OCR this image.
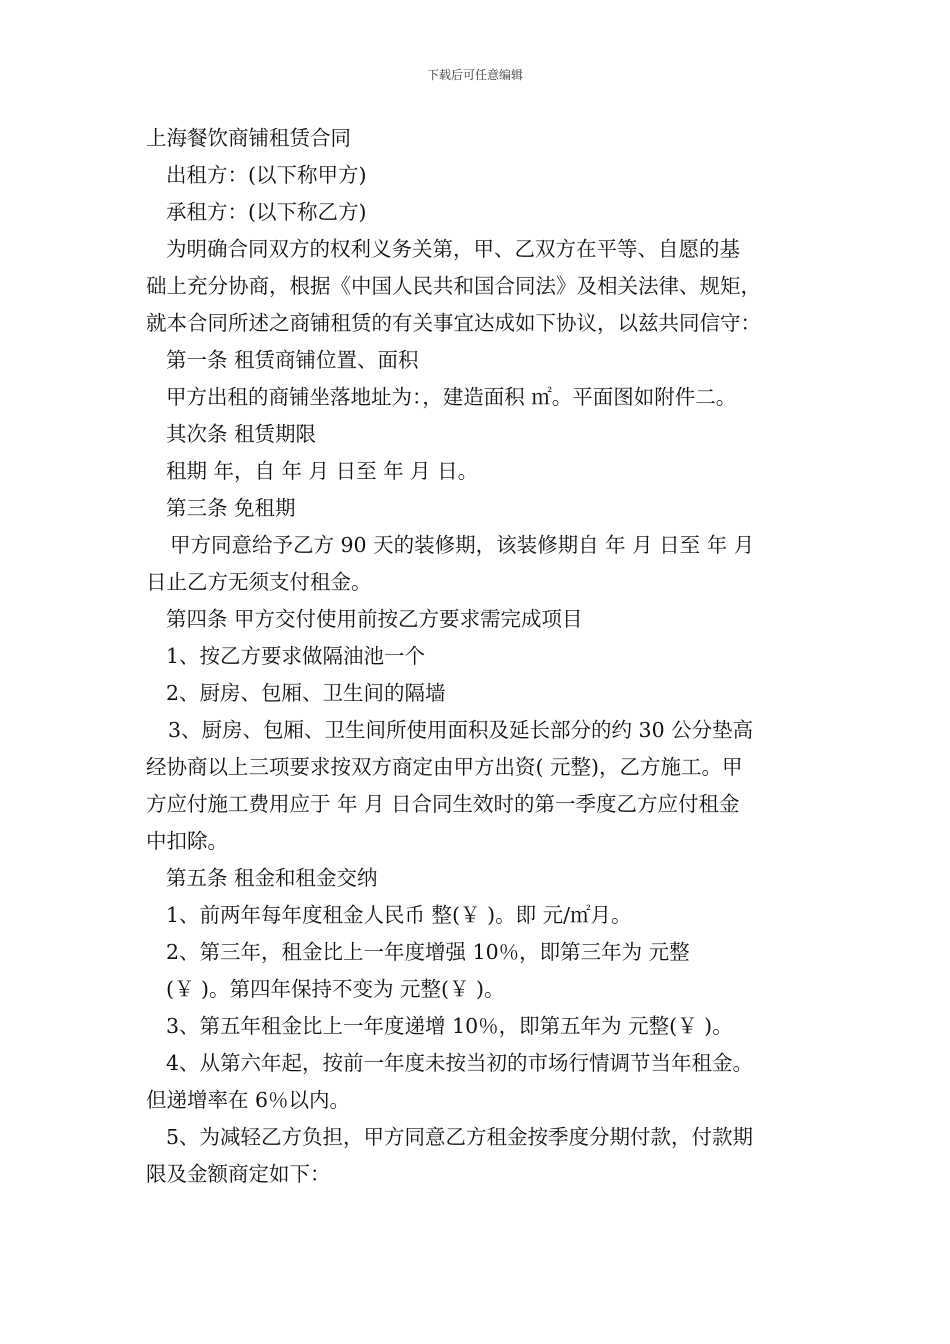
下载后可任意编辑
上海餐饮商铺租赁合同
出租方：(以下称甲方)
承租方：(以下称乙方)
为明确合同双方的权利义务关第，甲、乙双方在平等、自愿的基
础上充分协商，根据《中国人民共和国合同法》及相关法律、规矩，
就本合同所述之商铺租赁的有关事宜达成如下协议，以兹共同信守：
第一条 租赁商铺位置、面积
甲方出租的商铺坐落地址为：，建造面积 ㎡。平面图如附件二。
其次条 租赁期限
租期 年，自 年 月 日至 年 月 日。
第三条 免租期
甲方同意给予乙方 90 天的装修期，该装修期自 年 月 日至 年 月
日止乙方无须支付租金。
第四条 甲方交付使用前按乙方要求需完成项目
1、按乙方要求做隔油池一个
2、厨房、包厢、卫生间的隔墙
3、厨房、包厢、卫生间所使用面积及延长部分的约 30 公分垫高
经协商以上三项要求按双方商定由甲方出资( 元整)，乙方施工。甲
方应付施工费用应于 年 月 日合同生效时的第一季度乙方应付租金
中扣除。
第五条 租金和租金交纳
1、前两年每年度租金人民币 整(￥ )。即 元/㎡月。
2、第三年，租金比上一年度增强 10％，即第三年为 元整
(￥ )。第四年保持不变为 元整(￥ )。
3、第五年租金比上一年度递增 10％，即第五年为 元整(￥ )。
4、从第六年起，按前一年度未按当初的市场行情调节当年租金。
但递增率在 6％以内。
5、为减轻乙方负担，甲方同意乙方租金按季度分期付款，付款期
限及金额商定如下：
